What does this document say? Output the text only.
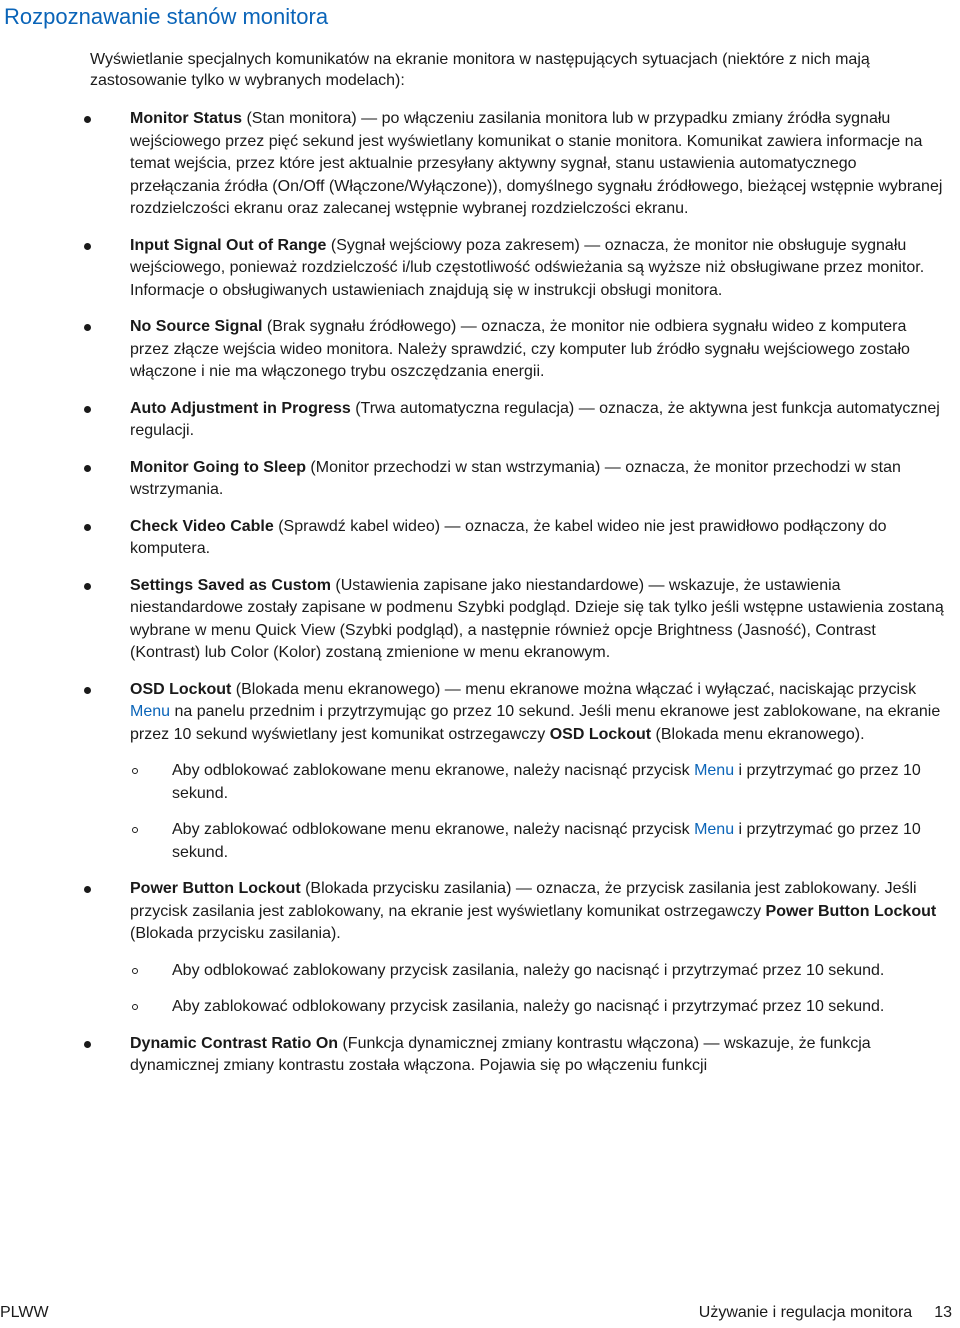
Rozpoznawanie stanów monitora

Wyświetlanie specjalnych komunikatów na ekranie monitora w następujących sytuacjach (niektóre z nich mają zastosowanie tylko w wybranych modelach):

Monitor Status (Stan monitora) — po włączeniu zasilania monitora lub w przypadku zmiany źródła sygnału wejściowego przez pięć sekund jest wyświetlany komunikat o stanie monitora. Komunikat zawiera informacje na temat wejścia, przez które jest aktualnie przesyłany aktywny sygnał, stanu ustawienia automatycznego przełączania źródła (On/Off (Włączone/Wyłączone)), domyślnego sygnału źródłowego, bieżącej wstępnie wybranej rozdzielczości ekranu oraz zalecanej wstępnie wybranej rozdzielczości ekranu.

Input Signal Out of Range (Sygnał wejściowy poza zakresem) — oznacza, że monitor nie obsługuje sygnału wejściowego, ponieważ rozdzielczość i/lub częstotliwość odświeżania są wyższe niż obsługiwane przez monitor. Informacje o obsługiwanych ustawieniach znajdują się w instrukcji obsługi monitora.

No Source Signal (Brak sygnału źródłowego) — oznacza, że monitor nie odbiera sygnału wideo z komputera przez złącze wejścia wideo monitora. Należy sprawdzić, czy komputer lub źródło sygnału wejściowego zostało włączone i nie ma włączonego trybu oszczędzania energii.

Auto Adjustment in Progress (Trwa automatyczna regulacja) — oznacza, że aktywna jest funkcja automatycznej regulacji.

Monitor Going to Sleep (Monitor przechodzi w stan wstrzymania) — oznacza, że monitor przechodzi w stan wstrzymania.

Check Video Cable (Sprawdź kabel wideo) — oznacza, że kabel wideo nie jest prawidłowo podłączony do komputera.

Settings Saved as Custom (Ustawienia zapisane jako niestandardowe) — wskazuje, że ustawienia niestandardowe zostały zapisane w podmenu Szybki podgląd. Dzieje się tak tylko jeśli wstępne ustawienia zostaną wybrane w menu Quick View (Szybki podgląd), a następnie również opcje Brightness (Jasność), Contrast (Kontrast) lub Color (Kolor) zostaną zmienione w menu ekranowym.

OSD Lockout (Blokada menu ekranowego) — menu ekranowe można włączać i wyłączać, naciskając przycisk Menu na panelu przednim i przytrzymując go przez 10 sekund. Jeśli menu ekranowe jest zablokowane, na ekranie przez 10 sekund wyświetlany jest komunikat ostrzegawczy OSD Lockout (Blokada menu ekranowego).

Aby odblokować zablokowane menu ekranowe, należy nacisnąć przycisk Menu i przytrzymać go przez 10 sekund.
Aby zablokować odblokowane menu ekranowe, należy nacisnąć przycisk Menu i przytrzymać go przez 10 sekund.

Power Button Lockout (Blokada przycisku zasilania) — oznacza, że przycisk zasilania jest zablokowany. Jeśli przycisk zasilania jest zablokowany, na ekranie jest wyświetlany komunikat ostrzegawczy Power Button Lockout (Blokada przycisku zasilania).

Aby odblokować zablokowany przycisk zasilania, należy go nacisnąć i przytrzymać przez 10 sekund.
Aby zablokować odblokowany przycisk zasilania, należy go nacisnąć i przytrzymać przez 10 sekund.

Dynamic Contrast Ratio On (Funkcja dynamicznej zmiany kontrastu włączona) — wskazuje, że funkcja dynamicznej zmiany kontrastu została włączona. Pojawia się po włączeniu funkcji

PLWW	Używanie i regulacja monitora 13
